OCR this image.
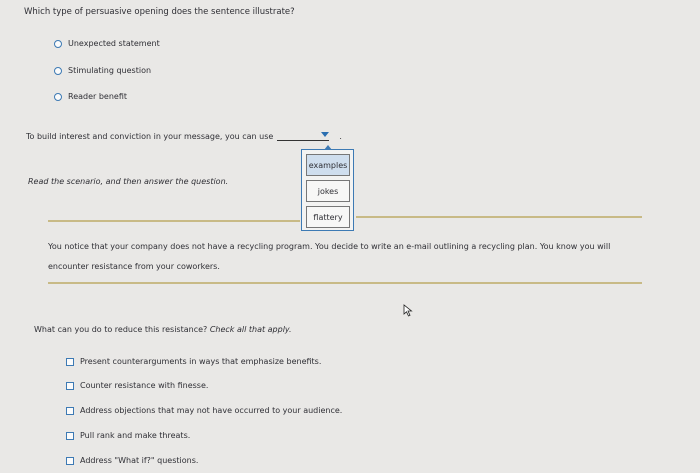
Which type of persuasive opening does the sentence illustrate?
Unexpected statement
Stimulating question
Reader benefit
To build interest and conviction in your message, you can use	.
examples
jokes
flattery
Read the scenario, and then answer the question.
You notice that your company does not have a recycling program. You decide to write an e-mail outlining a recycling plan. You know you will encounter resistance from your coworkers.
What can you do to reduce this resistance? Check all that apply.
Present counterarguments in ways that emphasize benefits.
Counter resistance with finesse.
Address objections that may not have occurred to your audience.
Pull rank and make threats.
Address "What if?" questions.
